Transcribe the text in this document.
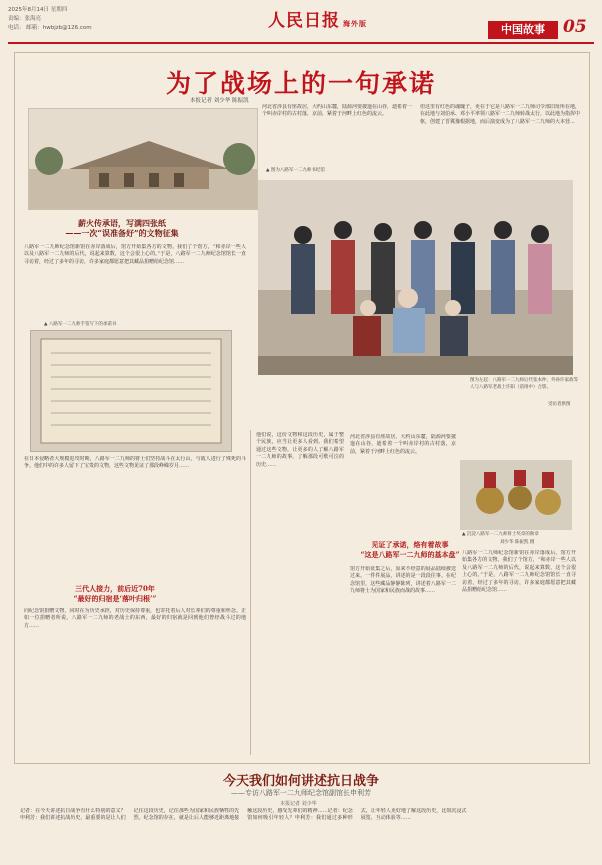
2025年8月14日 星期四
责编：张海亮
电话： 邮箱：hwbjzb@126.com	人民日报 海外版	中国故事	05
为了战场上的一句承诺
本报记者 刘少华 陈振凯
河北省涉县有座故居，大约山东麓，陆源河要披迤在山谷，迪希着一个叫赤岸村的古村落，京前，紧着于河畔上红色的流云。
但这里有红色的魂魄子，更在于它是八路军一二九师司令部旧址所在地，在此地与刘伯承、邓小平率领八路军一二九师转战太行，以此地为指挥中枢，创建了晋冀豫根据地，而后演变成为了八路军一二九师的大本营...
▲ 图为八路军一二九师书纪馆
图为左起：八路军一二九师后代张本仲、外孙许家政等人与八路军老战士许阳（前排中）合影。
受访者供图
薪火传承语，写满四张纸
——一次“误准备好”的文物征集
八路军一二九师纪念馆新馆在赤岸落成后，馆方开始集各方的文物。我们了个馆方，“和赤岸一些人以及八路军一二九师的后代，说起来算数，这个会很上心的。”于是，八路军一二九师纪念馆馆长一直寻访着，经过了多年的寻访，许多家庭都愿意把其藏品捐赠给纪念馆……
▲ 八路军一二九师手签写下的承诺书
在日本侵略者大规模进攻时期，八路军一二九师的将士们坚持战斗在太行山，与敌人进行了殊死的斗争。他们中的许多人留下了宝贵的文物，这些文物见证了那段峥嵘岁月……
三代人接力，前后近70年
“最好的归宿是‘落叶归根’”
向纪念馆捐赠文物，同时在为历史承担，对历史保持尊重，也寄托着后人对长辈们的尊重和怀念。正如一位捐赠者所说，八路军一二九师的老战士的东西，最好的归宿就是回到他们曾经战斗过的地方……
他们说，这份文物和这段历史，属于整个民族，应当让更多人看到。我们希望通过这些文物，让更多的人了解八路军一二九师的故事，了解那段可歌可泣的历史……
见证了承诺，烙有着故事
“这是八路军一二九师的基本盘”
馆方开始征集之后，原来不经意的展品陆续被送过来。一件件展品，讲述的是一段段往事。在纪念馆里，这些藏品静静陈列，讲述着八路军一二九师将士为国家和民族而战的故事……
河北省涉县有座故居，大约山东麓，陆源河要披迤在山谷，迪希着一个叫赤岸村的古村落，京前，紧着于河畔上红色的流云。
▲ 沉淀八路军一二九师将士奖章的勋章
刘少华 陈振凯 摄
八路军一二九师纪念馆新馆在赤岸落成后，馆方开始集各方的文物。我们了个馆方，“和赤岸一些人以及八路军一二九师的后代，说起来算数，这个会很上心的。”于是，八路军一二九师纪念馆馆长一直寻访着，经过了多年的寻访，许多家庭都愿意把其藏品捐赠给纪念馆……
今天我们如何讲述抗日战争
——专访八路军一二九师纪念馆副馆长申利芳
本报记者 刘少华
记者：在今天讲述抗日战争有什么特别的意义？申利芳：我们讲述抗战历史，最重要的是让人们记住这段历史，记住那些为国家和民族牺牲的先烈。纪念馆的存在，就是让后人能够近距离地接触这段历史，感受先辈们的精神……记者：纪念馆如何吸引年轻人？申利芳：我们通过多种形式，让年轻人更好地了解这段历史，比如沉浸式展览、互动体验等……
